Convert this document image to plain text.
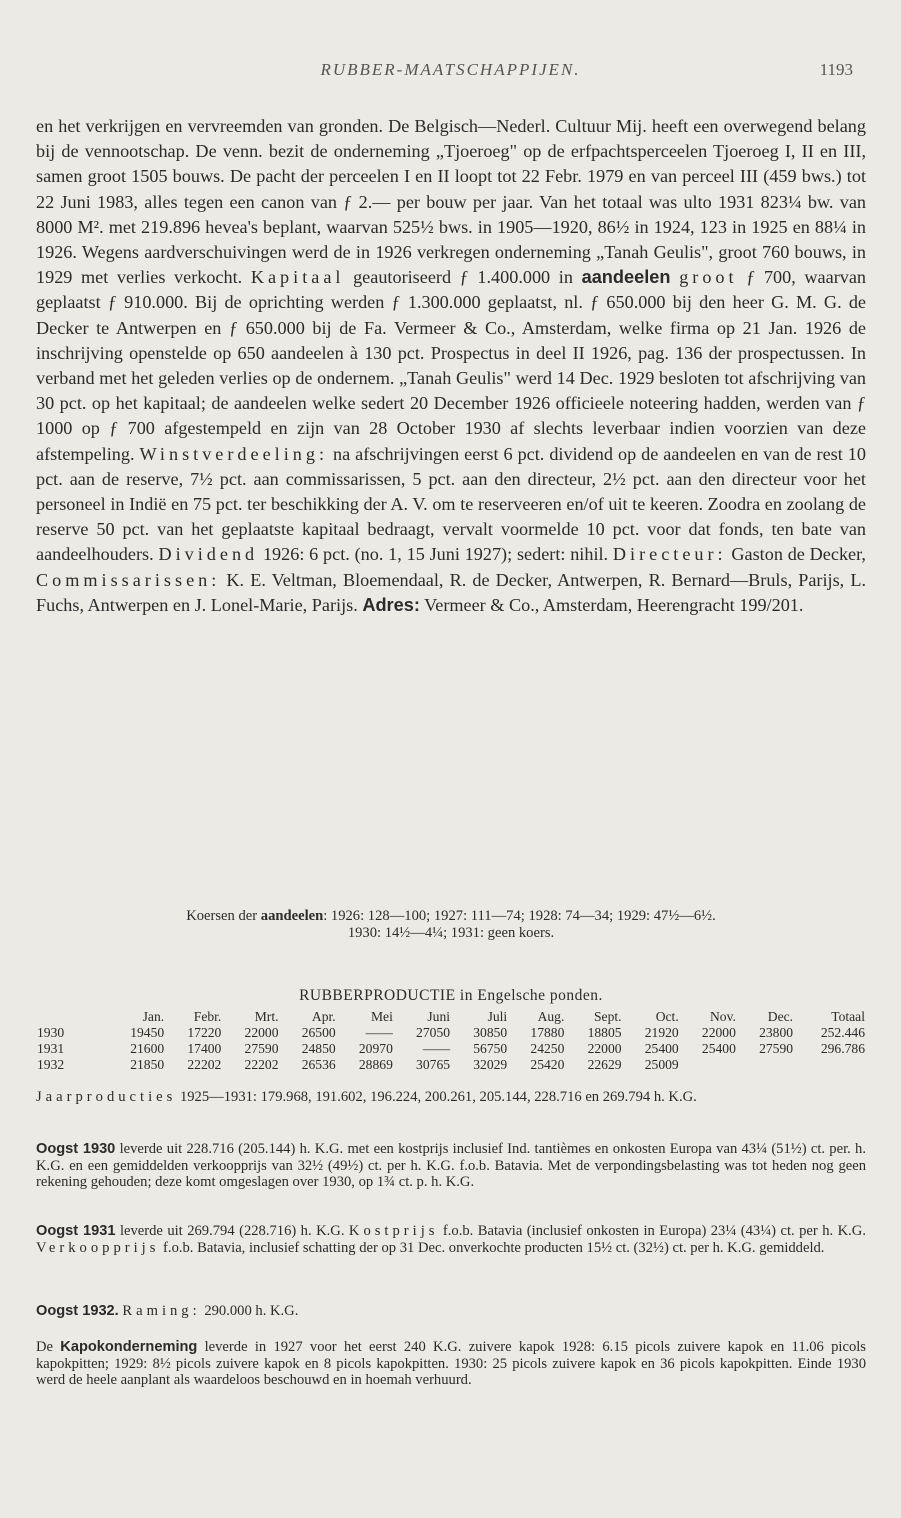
RUBBER-MAATSCHAPPIJEN.	1193

en het verkrijgen en vervreemden van gronden. De Belgisch—Nederl. Cultuur Mij. heeft een overwegend belang bij de vennootschap. De venn. bezit de onderneming „Tjoeroeg" op de erfpachtsperceelen Tjoeroeg I, II en III, samen groot 1505 bouws. De pacht der perceelen I en II loopt tot 22 Febr. 1979 en van perceel III (459 bws.) tot 22 Juni 1983, alles tegen een canon van ƒ 2.— per bouw per jaar. Van het totaal was ulto 1931 823¼ bw. van 8000 M². met 219.896 hevea's beplant, waarvan 525½ bws. in 1905—1920, 86½ in 1924, 123 in 1925 en 88¼ in 1926. Wegens aardverschuivingen werd de in 1926 verkregen onderneming „Tanah Geulis", groot 760 bouws, in 1929 met verlies verkocht. Kapitaal geautoriseerd ƒ 1.400.000 in aandeelen groot ƒ 700, waarvan geplaatst ƒ 910.000. Bij de oprichting werden ƒ 1.300.000 geplaatst, nl. ƒ 650.000 bij den heer G. M. G. de Decker te Antwerpen en ƒ 650.000 bij de Fa. Vermeer & Co., Amsterdam, welke firma op 21 Jan. 1926 de inschrijving openstelde op 650 aandeelen à 130 pct. Prospectus in deel II 1926, pag. 136 der prospectussen. In verband met het geleden verlies op de ondernem. „Tanah Geulis" werd 14 Dec. 1929 besloten tot afschrijving van 30 pct. op het kapitaal; de aandeelen welke sedert 20 December 1926 officieele noteering hadden, werden van ƒ 1000 op ƒ 700 afgestempeld en zijn van 28 October 1930 af slechts leverbaar indien voorzien van deze afstempeling. Winstverdeeling: na afschrijvingen eerst 6 pct. dividend op de aandeelen en van de rest 10 pct. aan de reserve, 7½ pct. aan commissarissen, 5 pct. aan den directeur, 2½ pct. aan den directeur voor het personeel in Indië en 75 pct. ter beschikking der A. V. om te reserveeren en/of uit te keeren. Zoodra en zoolang de reserve 50 pct. van het geplaatste kapitaal bedraagt, vervalt voormelde 10 pct. voor dat fonds, ten bate van aandeelhouders. Dividend 1926: 6 pct. (no. 1, 15 Juni 1927); sedert: nihil. Directeur: Gaston de Decker, Commissarissen: K. E. Veltman, Bloemendaal, R. de Decker, Antwerpen, R. Bernard—Bruls, Parijs, L. Fuchs, Antwerpen en J. Lonel-Marie, Parijs. Adres: Vermeer & Co., Amsterdam, Heerengracht 199/201.

Koersen der aandeelen: 1926: 128—100; 1927: 111—74; 1928: 74—34; 1929: 47½—6½.
1930: 14½—4¼; 1931: geen koers.
RUBBERPRODUCTIE in Engelsche ponden.
	Jan.	Febr.	Mrt.	Apr.	Mei	Juni	Juli	Aug.	Sept.	Oct.	Nov.	Dec.	Totaal
1930	19450	17220	22000	26500	——	27050	30850	17880	18805	21920	22000	23800	252.446
1931	21600	17400	27590	24850	20970	——	56750	24250	22000	25400	25400	27590	296.786
1932	21850	22202	22202	26536	28869	30765	32029	25420	22629	25009			
Jaarproducties 1925—1931: 179.968, 191.602, 196.224, 200.261, 205.144, 228.716 en 269.794 h. K.G.
Oogst 1930 leverde uit 228.716 (205.144) h. K.G. met een kostprijs inclusief Ind. tantièmes en onkosten Europa van 43¼ (51½) ct. per. h. K.G. en een gemiddelden verkoopprijs van 32½ (49½) ct. per h. K.G. f.o.b. Batavia. Met de verpondingsbelasting was tot heden nog geen rekening gehouden; deze komt omgeslagen over 1930, op 1¾ ct. p. h. K.G.
Oogst 1931 leverde uit 269.794 (228.716) h. K.G. Kostprijs f.o.b. Batavia (inclusief onkosten in Europa) 23¼ (43¼) ct. per h. K.G. Verkoopprijs f.o.b. Batavia, inclusief schatting der op 31 Dec. onverkochte producten 15½ ct. (32½) ct. per h. K.G. gemiddeld.
Oogst 1932. Raming: 290.000 h. K.G.
De Kapokonderneming leverde in 1927 voor het eerst 240 K.G. zuivere kapok 1928: 6.15 picols zuivere kapok en 11.06 picols kapokpitten; 1929: 8½ picols zuivere kapok en 8 picols kapokpitten. 1930: 25 picols zuivere kapok en 36 picols kapokpitten. Einde 1930 werd de heele aanplant als waardeloos beschouwd en in hoemah verhuurd.
